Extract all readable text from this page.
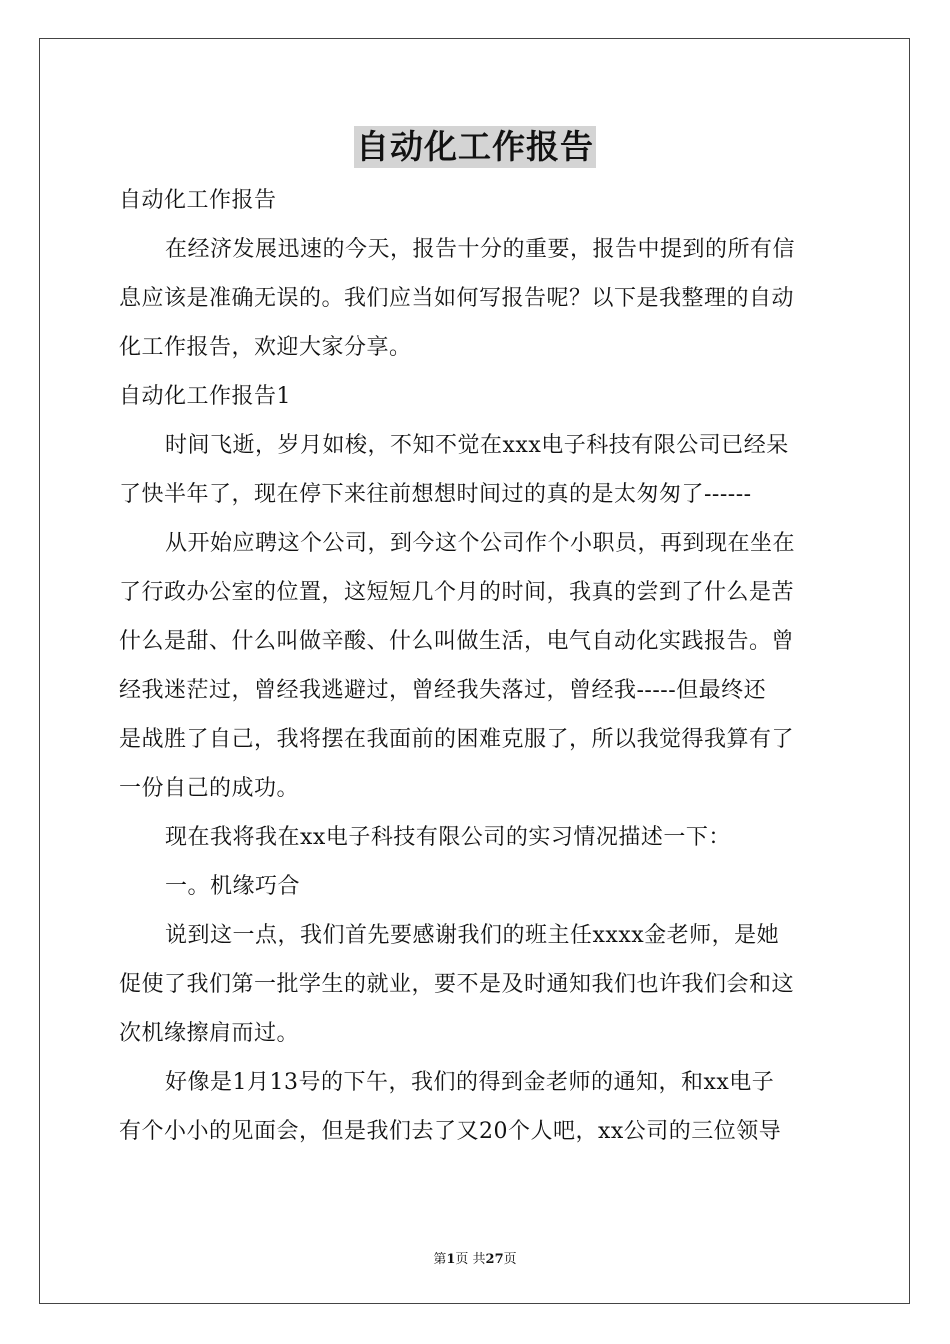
自动化工作报告

自动化工作报告

在经济发展迅速的今天，报告十分的重要，报告中提到的所有信

息应该是准确无误的。我们应当如何写报告呢？以下是我整理的自动

化工作报告，欢迎大家分享。

自动化工作报告1

时间飞逝，岁月如梭，不知不觉在xxx电子科技有限公司已经呆

了快半年了，现在停下来往前想想时间过的真的是太匆匆了------

从开始应聘这个公司，到今这个公司作个小职员，再到现在坐在

了行政办公室的位置，这短短几个月的时间，我真的尝到了什么是苦

什么是甜、什么叫做辛酸、什么叫做生活，电气自动化实践报告。曾

经我迷茫过，曾经我逃避过，曾经我失落过，曾经我-----但最终还

是战胜了自己，我将摆在我面前的困难克服了，所以我觉得我算有了

一份自己的成功。

现在我将我在xx电子科技有限公司的实习情况描述一下：

一。机缘巧合

说到这一点，我们首先要感谢我们的班主任xxxx金老师，是她

促使了我们第一批学生的就业，要不是及时通知我们也许我们会和这

次机缘擦肩而过。

好像是1月13号的下午，我们的得到金老师的通知，和xx电子

有个小小的见面会，但是我们去了又20个人吧，xx公司的三位领导

第1页 共27页
